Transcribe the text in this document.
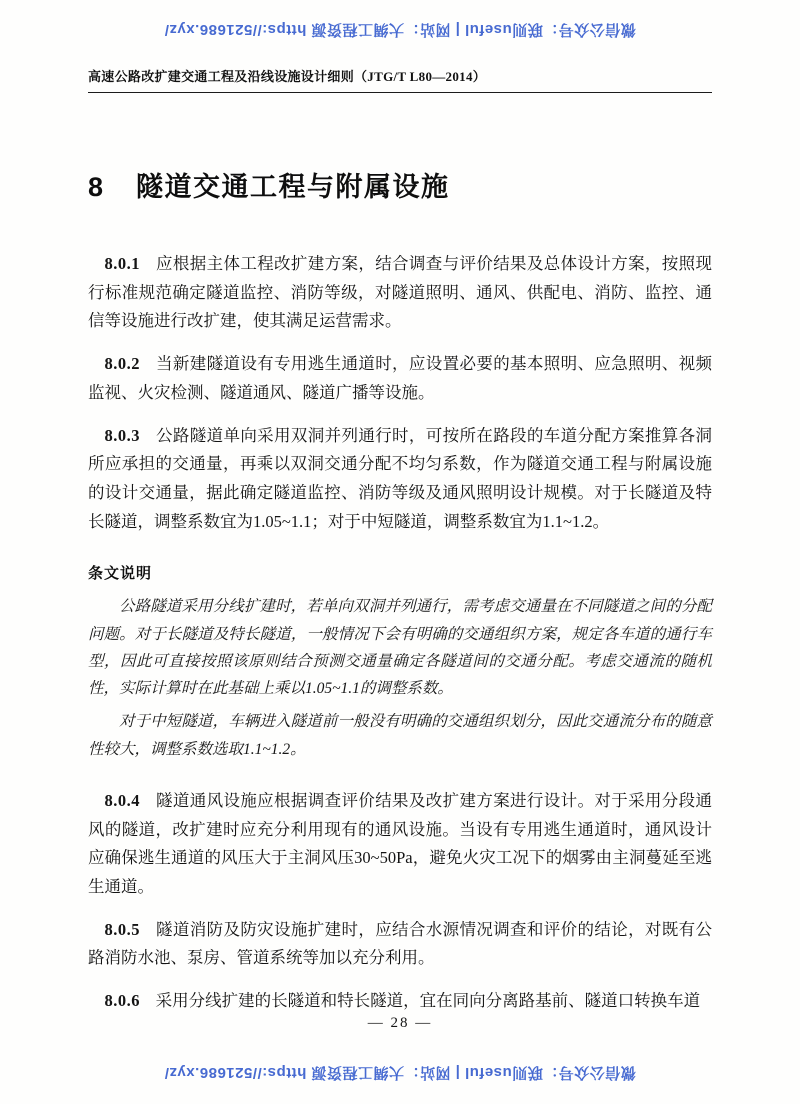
微信公众号：联则useful | 网站：大绸工程资源 https://521686.xyz/
高速公路改扩建交通工程及沿线设施设计细则（JTG/T L80—2014）
8 隧道交通工程与附属设施

8.0.1 应根据主体工程改扩建方案，结合调查与评价结果及总体设计方案，按照现行标准规范确定隧道监控、消防等级，对隧道照明、通风、供配电、消防、监控、通信等设施进行改扩建，使其满足运营需求。

8.0.2 当新建隧道设有专用逃生通道时，应设置必要的基本照明、应急照明、视频监视、火灾检测、隧道通风、隧道广播等设施。

8.0.3 公路隧道单向采用双洞并列通行时，可按所在路段的车道分配方案推算各洞所应承担的交通量，再乘以双洞交通分配不均匀系数，作为隧道交通工程与附属设施的设计交通量，据此确定隧道监控、消防等级及通风照明设计规模。对于长隧道及特长隧道，调整系数宜为1.05~1.1；对于中短隧道，调整系数宜为1.1~1.2。

条文说明

公路隧道采用分线扩建时，若单向双洞并列通行，需考虑交通量在不同隧道之间的分配问题。对于长隧道及特长隧道，一般情况下会有明确的交通组织方案，规定各车道的通行车型，因此可直接按照该原则结合预测交通量确定各隧道间的交通分配。考虑交通流的随机性，实际计算时在此基础上乘以1.05~1.1的调整系数。

对于中短隧道，车辆进入隧道前一般没有明确的交通组织划分，因此交通流分布的随意性较大，调整系数选取1.1~1.2。

8.0.4 隧道通风设施应根据调查评价结果及改扩建方案进行设计。对于采用分段通风的隧道，改扩建时应充分利用现有的通风设施。当设有专用逃生通道时，通风设计应确保逃生通道的风压大于主洞风压30~50Pa，避免火灾工况下的烟雾由主洞蔓延至逃生通道。

8.0.5 隧道消防及防灾设施扩建时，应结合水源情况调查和评价的结论，对既有公路消防水池、泵房、管道系统等加以充分利用。

8.0.6 采用分线扩建的长隧道和特长隧道，宜在同向分离路基前、隧道口转换车道

— 28 —
微信公众号：联则useful | 网站：大绸工程资源 https://521686.xyz/
